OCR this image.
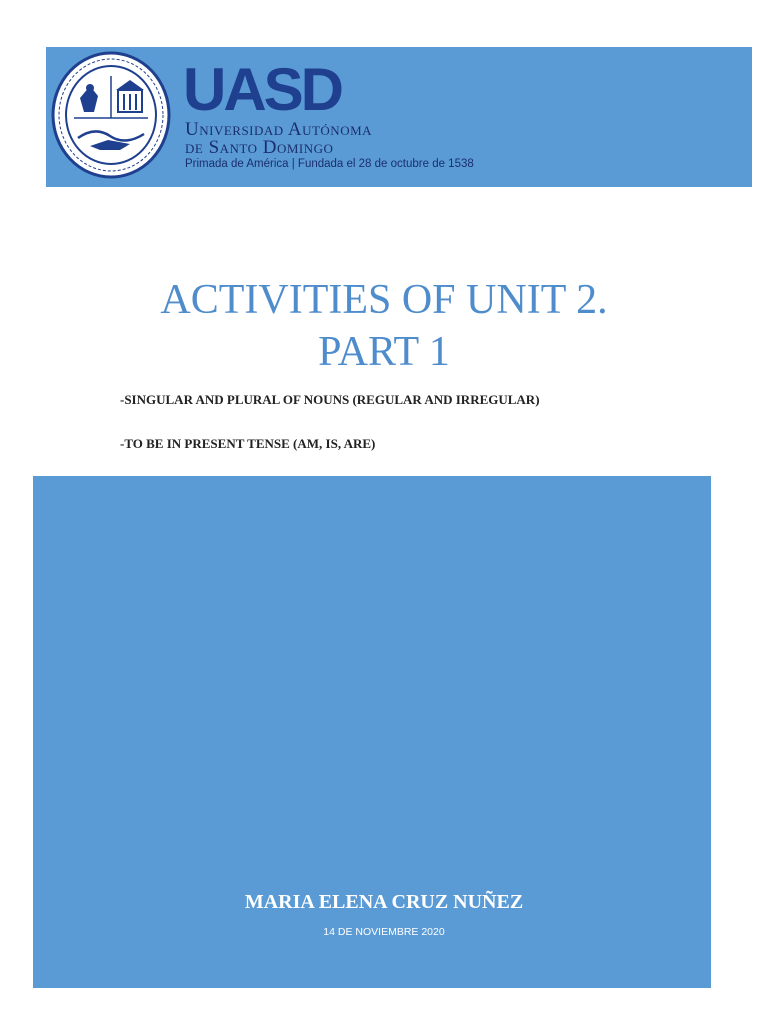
UASD
Universidad Autónoma
de Santo Domingo
Primada de América | Fundada el 28 de octubre de 1538
ACTIVITIES OF UNIT 2.
PART 1
-SINGULAR AND PLURAL OF NOUNS (REGULAR AND IRREGULAR)
-TO BE IN PRESENT TENSE (AM, IS, ARE)
MARIA ELENA CRUZ NUÑEZ
14 DE NOVIEMBRE 2020
